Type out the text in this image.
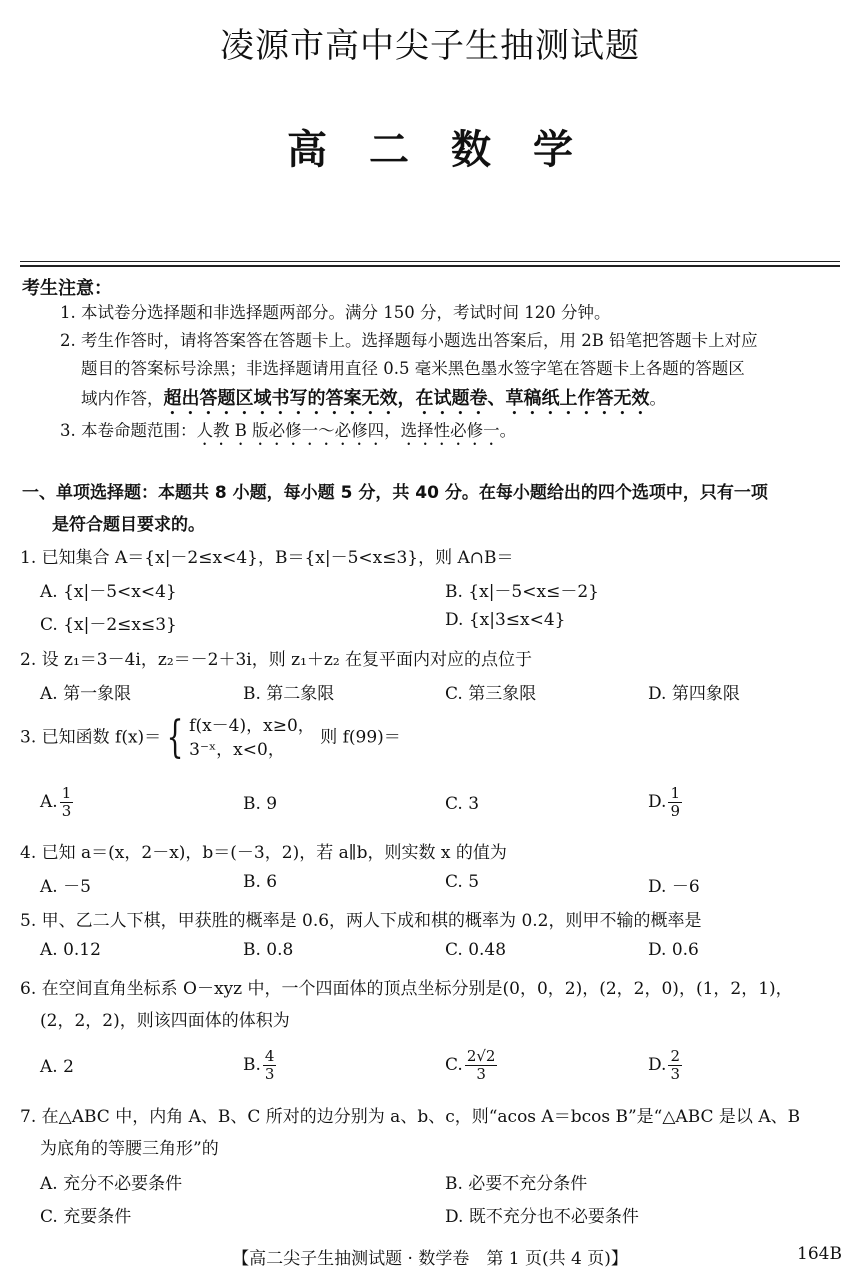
凌源市高中尖子生抽测试题
高二数学
考生注意：
1. 本试卷分选择题和非选择题两部分。满分 150 分，考试时间 120 分钟。
2. 考生作答时，请将答案答在答题卡上。选择题每小题选出答案后，用 2B 铅笔把答题卡上对应
题目的答案标号涂黑；非选择题请用直径 0.5 毫米黑色墨水签字笔在答题卡上各题的答题区
域内作答，超出答题区域书写的答案无效，在试题卷、草稿纸上作答无效。
3. 本卷命题范围：人教 B 版必修一～必修四，选择性必修一。
一、单项选择题：本题共 8 小题，每小题 5 分，共 40 分。在每小题给出的四个选项中，只有一项
是符合题目要求的。
1. 已知集合 A＝{x|－2≤x<4}，B＝{x|－5<x≤3}，则 A∩B＝
A. {x|－5<x<4}	B. {x|－5<x≤－2}
C. {x|－2≤x≤3}	D. {x|3≤x<4}
2. 设 z₁＝3－4i，z₂＝－2＋3i，则 z₁＋z₂ 在复平面内对应的点位于
A. 第一象限	B. 第二象限	C. 第三象限	D. 第四象限
3. 已知函数 f(x)＝ { f(x－4)，x≥0，
3⁻ˣ，x<0，
则 f(99)＝
A. $\frac{1}{3}$	B. 9	C. 3	D. $\frac{1}{9}$
4. 已知 a＝(x，2－x)，b＝(－3，2)，若 a∥b，则实数 x 的值为
A. －5	B. 6	C. 5	D. －6
5. 甲、乙二人下棋，甲获胜的概率是 0.6，两人下成和棋的概率为 0.2，则甲不输的概率是
A. 0.12	B. 0.8	C. 0.48	D. 0.6
6. 在空间直角坐标系 O－xyz 中，一个四面体的顶点坐标分别是(0，0，2)，(2，2，0)，(1，2，1)，
(2，2，2)，则该四面体的体积为
A. 2	B. $\frac{4}{3}$	C. $\frac{2√2}{3}$	D. $\frac{2}{3}$
7. 在△ABC 中，内角 A、B、C 所对的边分别为 a、b、c，则“acos A＝bcos B”是“△ABC 是以 A、B
为底角的等腰三角形”的
A. 充分不必要条件	B. 必要不充分条件
C. 充要条件	D. 既不充分也不必要条件
【高二尖子生抽测试题 · 数学卷　第 1 页(共 4 页)】	164B
